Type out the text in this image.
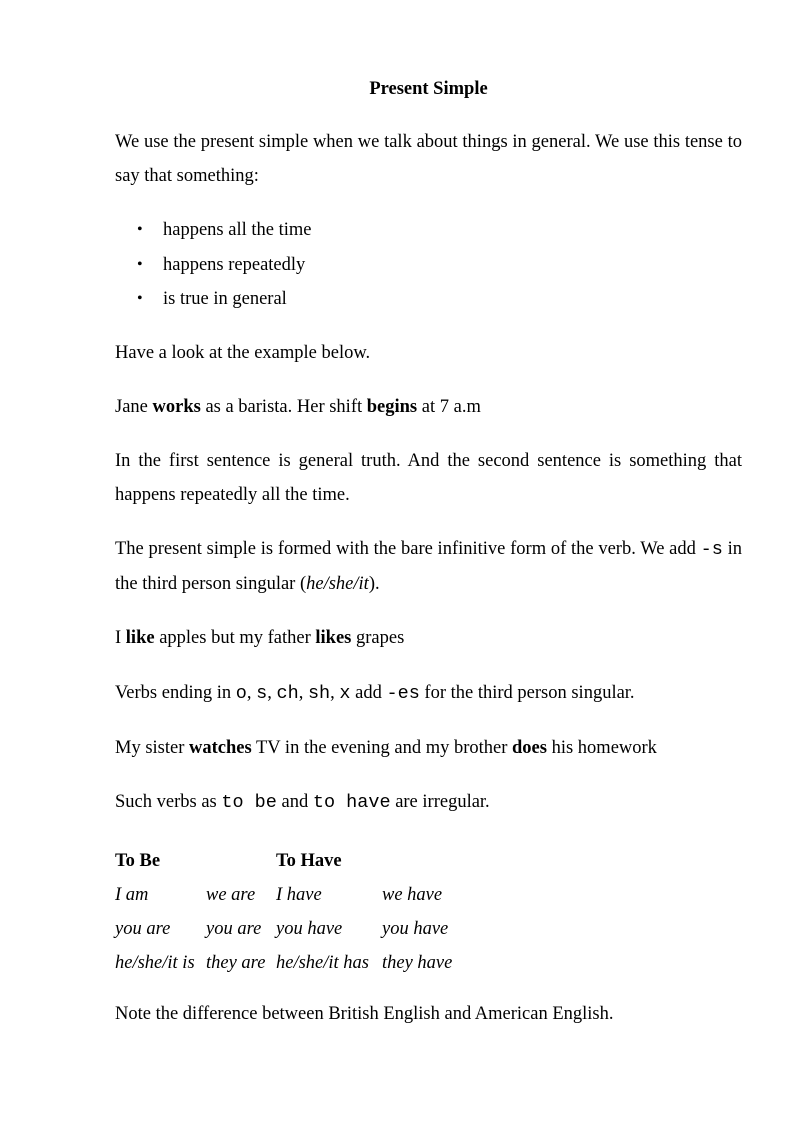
Present Simple

We use the present simple when we talk about things in general. We use this tense to say that something:

• happens all the time
• happens repeatedly
• is true in general

Have a look at the example below.

Jane works as a barista. Her shift begins at 7 a.m

In the first sentence is general truth. And the second sentence is something that happens repeatedly all the time.

The present simple is formed with the bare infinitive form of the verb. We add -s in the third person singular (he/she/it).

I like apples but my father likes grapes

Verbs ending in o, s, ch, sh, x add -es for the third person singular.

My sister watches TV in the evening and my brother does his homework

Such verbs as to be and to have are irregular.

To Be		To Have	
I am	we are	I have	we have
you are	you are	you have	you have
he/she/it is	they are	he/she/it has	they have

Note the difference between British English and American English.
